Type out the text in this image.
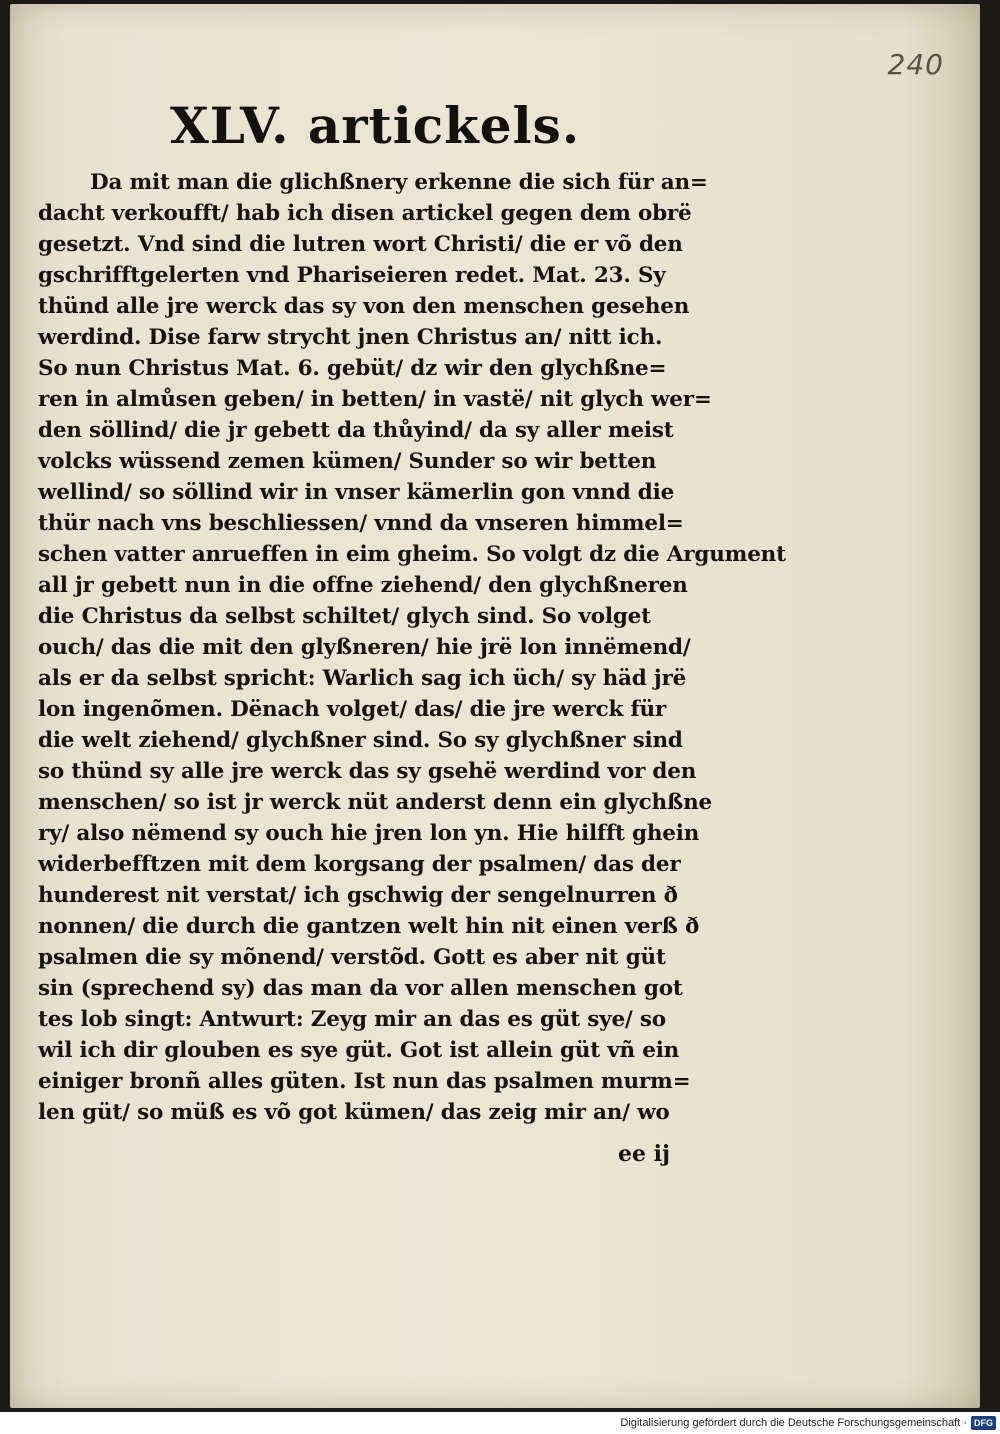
240
XLV. artickels.
Da mit man die glichßnery erkenne die sich für an=
dacht verkoufft/ hab ich disen artickel gegen dem obrë
gesetzt. Vnd sind die lutren wort Christi/ die er võ den
gschrifftgelerten vnd Phariseieren redet. Mat. 23. Sy
thünd alle jre werck das sy von den menschen gesehen
werdind. Dise farw strycht jnen Christus an/ nitt ich.
So nun Christus Mat. 6. gebüt/ dz wir den glychßne=
ren in almůsen geben/ in betten/ in vastë/ nit glych wer=
den söllind/ die jr gebett da thůyind/ da sy aller meist
volcks wüssend zemen kümen/ Sunder so wir betten
wellind/ so söllind wir in vnser kämerlin gon vnnd die
thür nach vns beschliessen/ vnnd da vnseren himmel=
schen vatter anrueffen in eim gheim. So volgt dz die Argument
all jr gebett nun in die offne ziehend/ den glychßneren
die Christus da selbst schiltet/ glych sind. So volget
ouch/ das die mit den glyßneren/ hie jrë lon innëmend/
als er da selbst spricht: Warlich sag ich üch/ sy häd jrë
lon ingenõmen. Dënach volget/ das/ die jre werck für
die welt ziehend/ glychßner sind. So sy glychßner sind
so thünd sy alle jre werck das sy gsehë werdind vor den
menschen/ so ist jr werck nüt anderst denn ein glychßne
ry/ also nëmend sy ouch hie jren lon yn. Hie hilfft ghein
widerbefftzen mit dem korgsang der psalmen/ das der
hunderest nit verstat/ ich gschwig der sengelnurren ð
nonnen/ die durch die gantzen welt hin nit einen verß ð
psalmen die sy mõnend/ verstõd. Gott es aber nit güt
sin (sprechend sy) das man da vor allen menschen got
tes lob singt: Antwurt: Zeyg mir an das es güt sye/ so
wil ich dir glouben es sye güt. Got ist allein güt vñ ein
einiger bronñ alles güten. Ist nun das psalmen murm=
len güt/ so müß es võ got kümen/ das zeig mir an/ wo
ee ij
Digitalisierung gefördert durch die Deutsche Forschungsgemeinschaft · DFG
